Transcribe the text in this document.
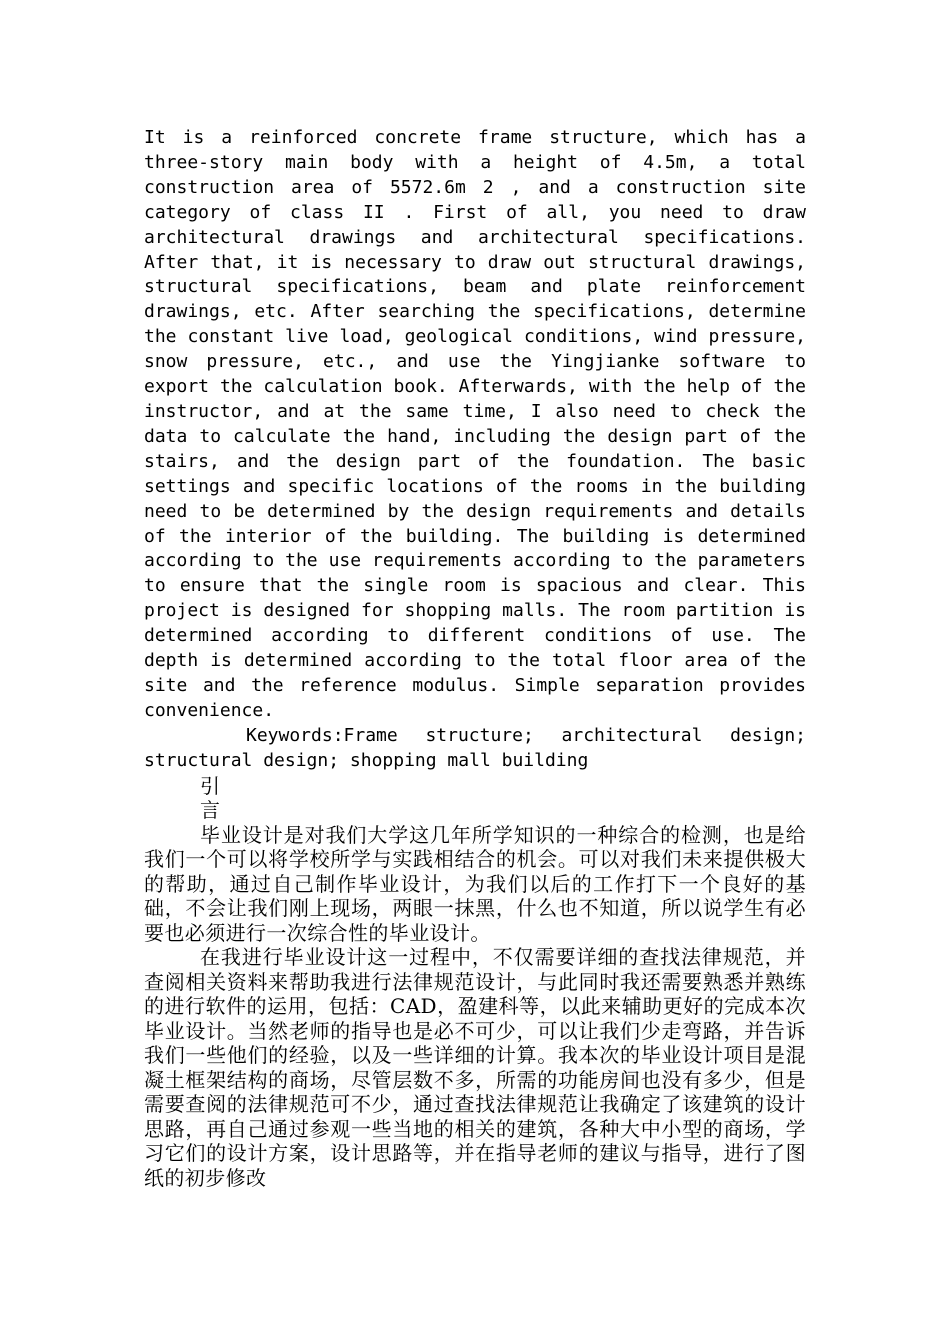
It is a reinforced concrete frame structure, which has a three-story main body with a height of 4.5m, a total construction area of 5572.6m 2 , and a construction site category of class II . First of all, you need to draw architectural drawings and architectural specifications. After that, it is necessary to draw out structural drawings, structural specifications, beam and plate reinforcement drawings, etc. After searching the specifications, determine the constant live load, geological conditions, wind pressure, snow pressure, etc., and use the Yingjianke software to export the calculation book. Afterwards, with the help of the instructor, and at the same time, I also need to check the data to calculate the hand, including the design part of the stairs, and the design part of the foundation. The basic settings and specific locations of the rooms in the building need to be determined by the design requirements and details of the interior of the building. The building is determined according to the use requirements according to the parameters to ensure that the single room is spacious and clear. This project is designed for shopping malls. The room partition is determined according to different conditions of use. The depth is determined according to the total floor area of the site and the reference modulus. Simple separation provides convenience.

Keywords:Frame structure; architectural design; structural design; shopping mall building

引

言

毕业设计是对我们大学这几年所学知识的一种综合的检测，也是给我们一个可以将学校所学与实践相结合的机会。可以对我们未来提供极大的帮助，通过自己制作毕业设计，为我们以后的工作打下一个良好的基础，不会让我们刚上现场，两眼一抹黑，什么也不知道，所以说学生有必要也必须进行一次综合性的毕业设计。

在我进行毕业设计这一过程中，不仅需要详细的查找法律规范，并查阅相关资料来帮助我进行法律规范设计，与此同时我还需要熟悉并熟练的进行软件的运用，包括：CAD，盈建科等，以此来辅助更好的完成本次毕业设计。当然老师的指导也是必不可少，可以让我们少走弯路，并告诉我们一些他们的经验，以及一些详细的计算。我本次的毕业设计项目是混凝土框架结构的商场，尽管层数不多，所需的功能房间也没有多少，但是需要查阅的法律规范可不少，通过查找法律规范让我确定了该建筑的设计思路，再自己通过参观一些当地的相关的建筑，各种大中小型的商场，学习它们的设计方案，设计思路等，并在指导老师的建议与指导，进行了图纸的初步修改
